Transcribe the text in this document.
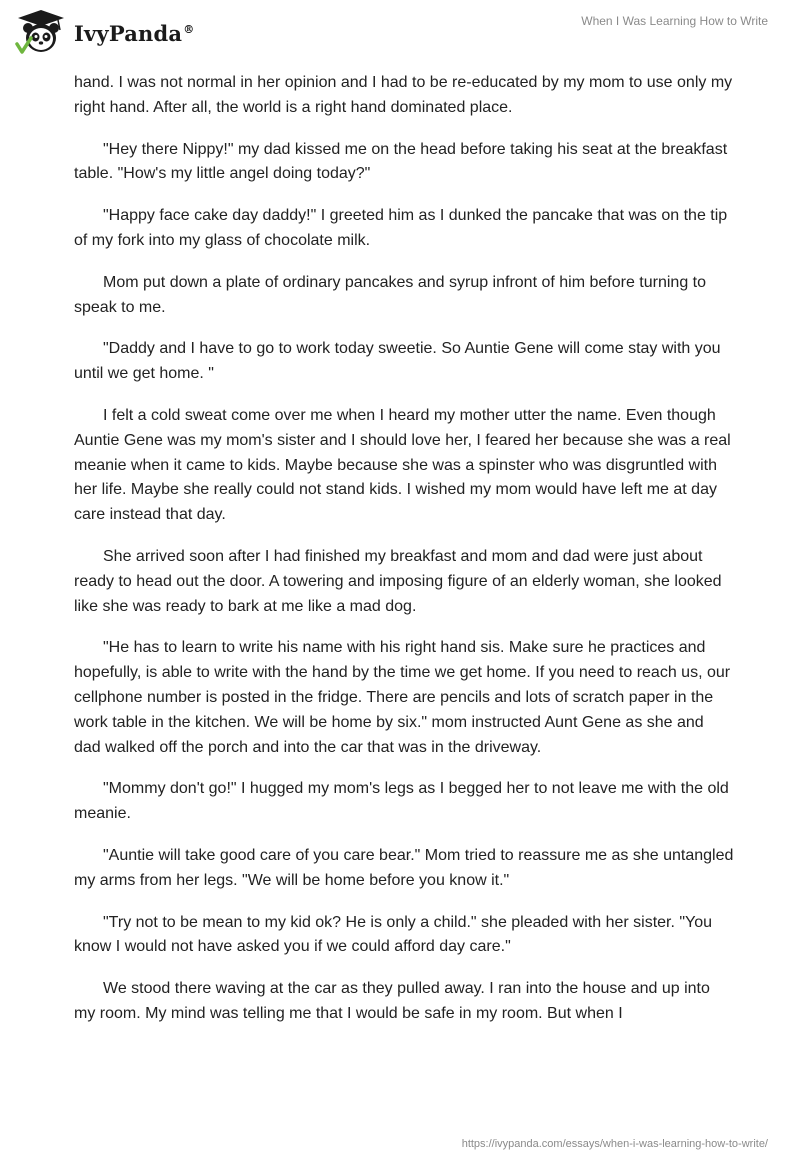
IvyPanda®
When I Was Learning How to Write

hand. I was not normal in her opinion and I had to be re-educated by my mom to use only my right hand. After all, the world is a right hand dominated place.

"Hey there Nippy!" my dad kissed me on the head before taking his seat at the breakfast table. "How's my little angel doing today?"

"Happy face cake day daddy!" I greeted him as I dunked the pancake that was on the tip of my fork into my glass of chocolate milk.

Mom put down a plate of ordinary pancakes and syrup infront of him before turning to speak to me.

"Daddy and I have to go to work today sweetie. So Auntie Gene will come stay with you until we get home. "

I felt a cold sweat come over me when I heard my mother utter the name. Even though Auntie Gene was my mom's sister and I should love her, I feared her because she was a real meanie when it came to kids. Maybe because she was a spinster who was disgruntled with her life. Maybe she really could not stand kids. I wished my mom would have left me at day care instead that day.

She arrived soon after I had finished my breakfast and mom and dad were just about ready to head out the door. A towering and imposing figure of an elderly woman, she looked like she was ready to bark at me like a mad dog.

"He has to learn to write his name with his right hand sis. Make sure he practices and hopefully, is able to write with the hand by the time we get home. If you need to reach us, our cellphone number is posted in the fridge. There are pencils and lots of scratch paper in the work table in the kitchen. We will be home by six." mom instructed Aunt Gene as she and dad walked off the porch and into the car that was in the driveway.

"Mommy don't go!" I hugged my mom's legs as I begged her to not leave me with the old meanie.

"Auntie will take good care of you care bear." Mom tried to reassure me as she untangled my arms from her legs. "We will be home before you know it."

"Try not to be mean to my kid ok? He is only a child." she pleaded with her sister. "You know I would not have asked you if we could afford day care."

We stood there waving at the car as they pulled away. I ran into the house and up into my room. My mind was telling me that I would be safe in my room. But when I

https://ivypanda.com/essays/when-i-was-learning-how-to-write/
